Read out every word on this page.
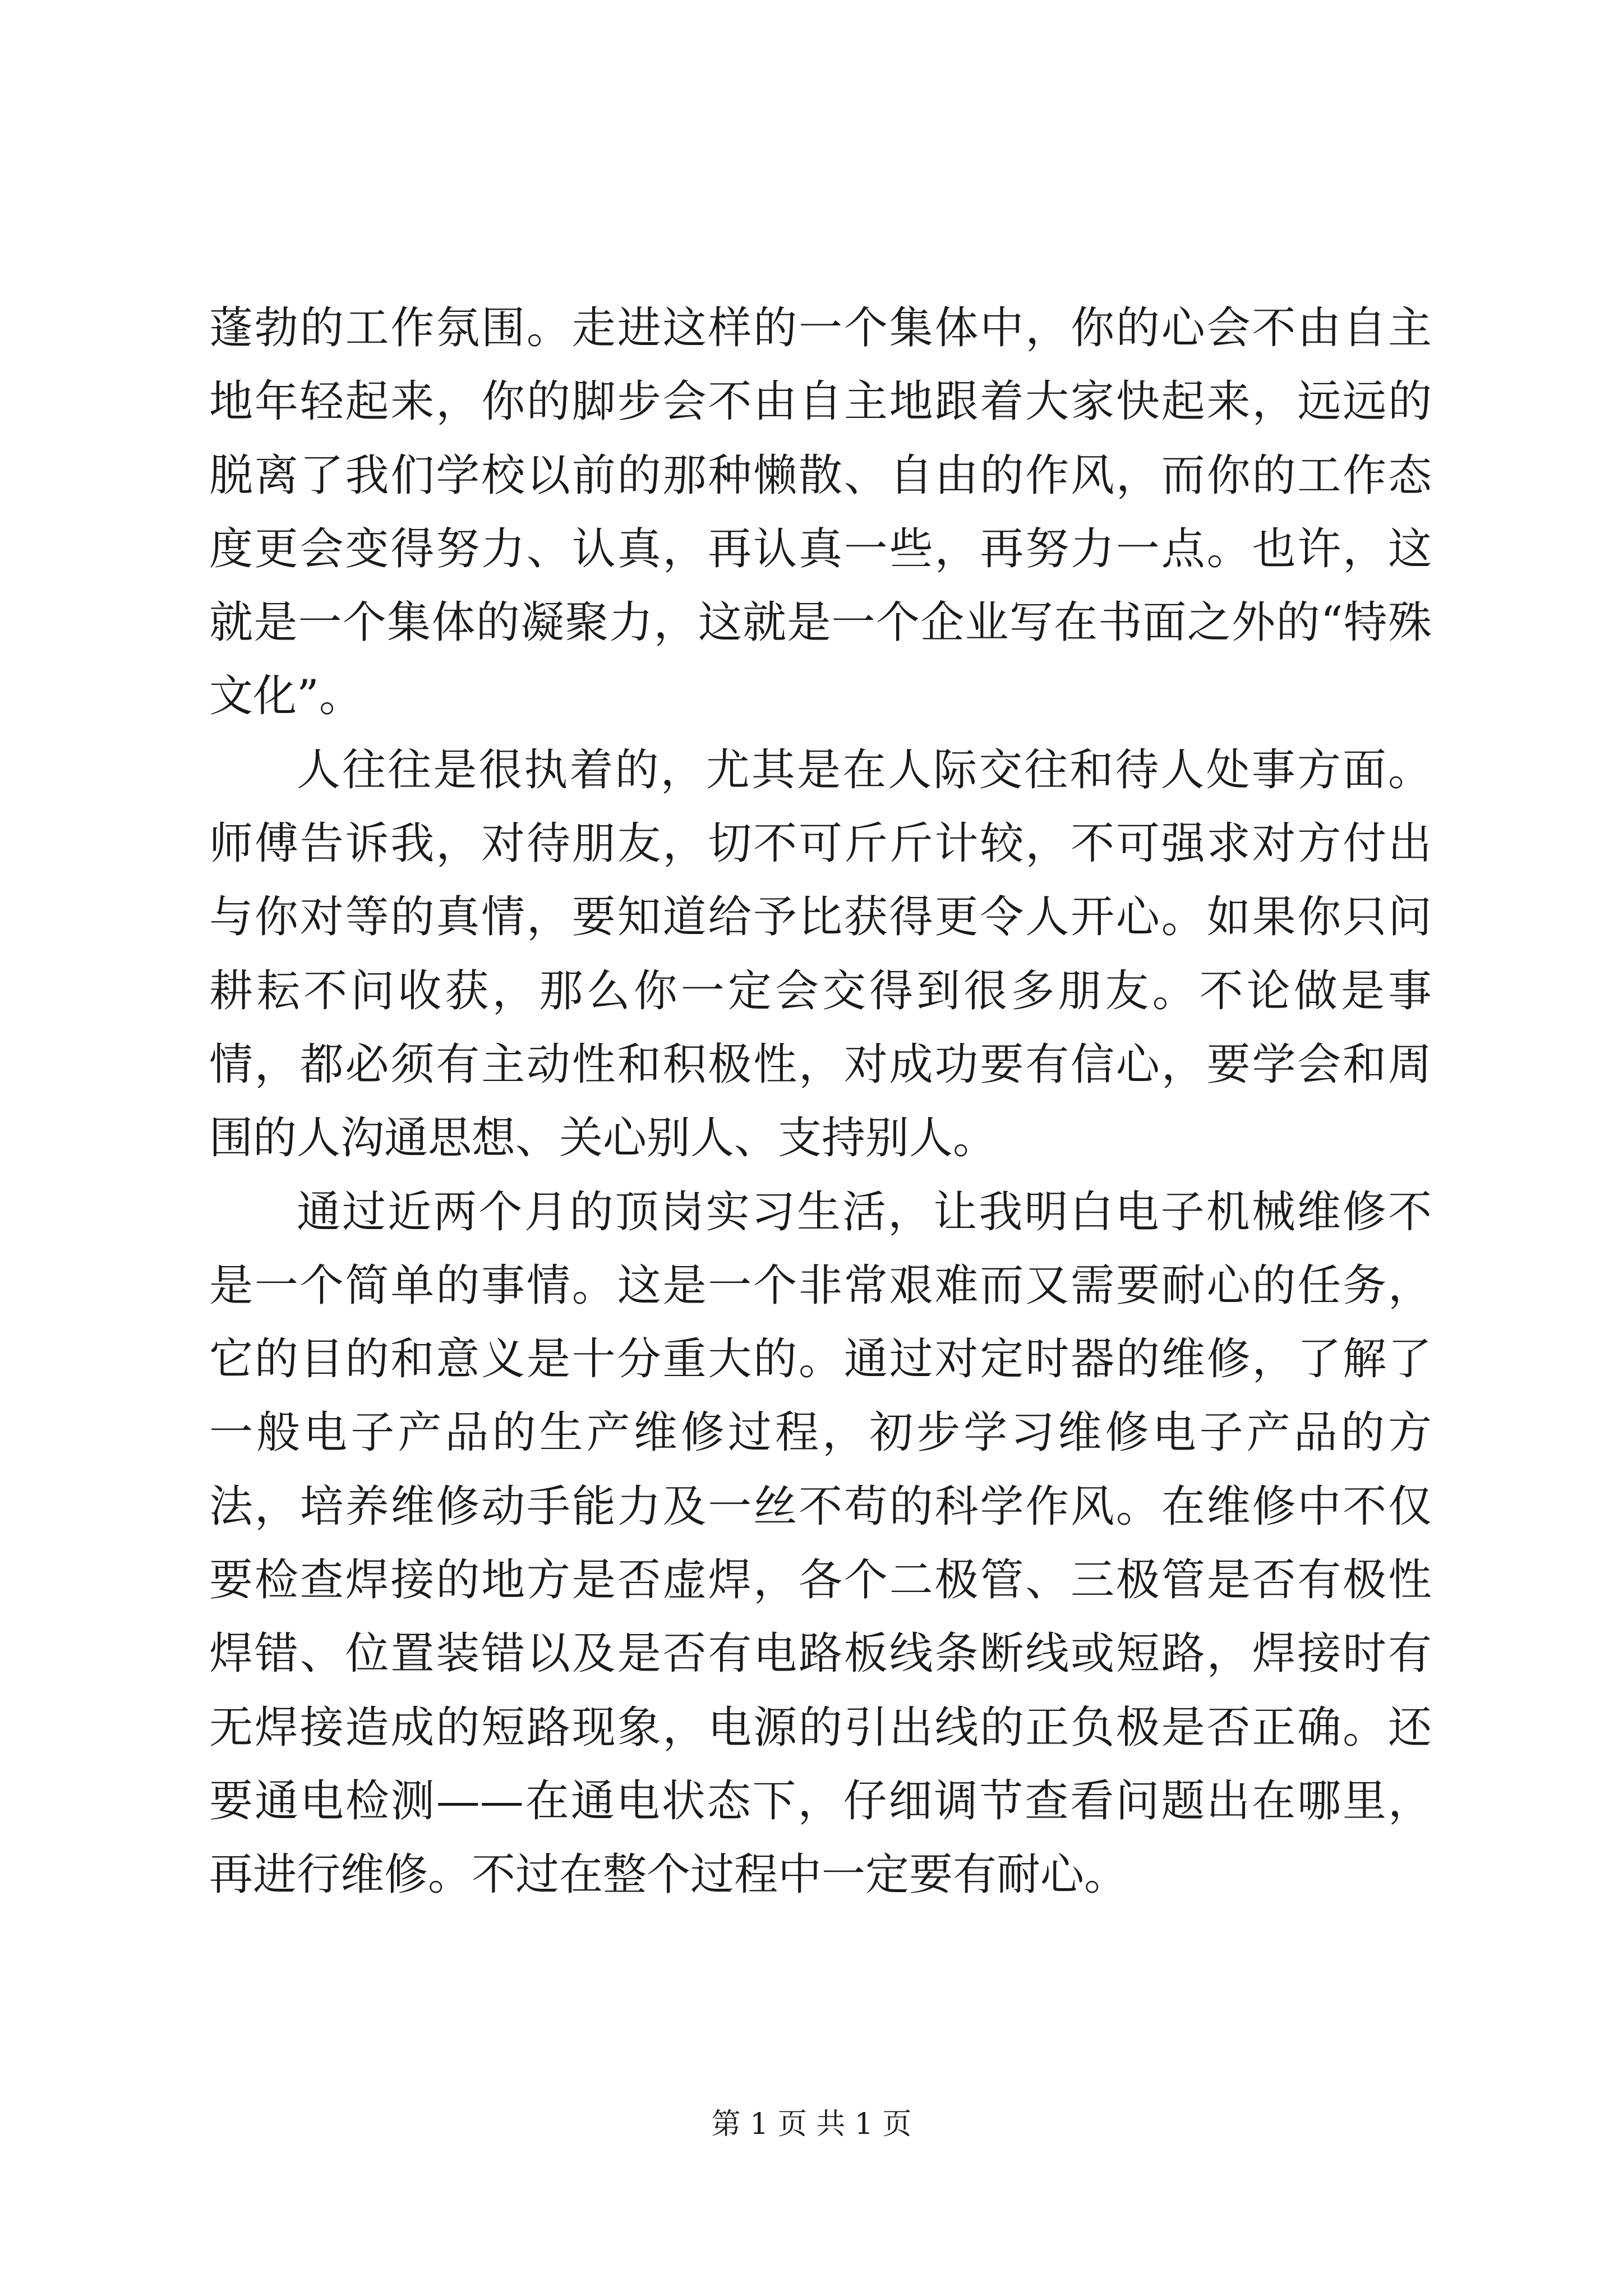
蓬勃的工作氛围。走进这样的一个集体中，你的心会不由自主地年轻起来，你的脚步会不由自主地跟着大家快起来，远远的脱离了我们学校以前的那种懒散、自由的作风，而你的工作态度更会变得努力、认真，再认真一些，再努力一点。也许，这就是一个集体的凝聚力，这就是一个企业写在书面之外的“特殊文化”。

人往往是很执着的，尤其是在人际交往和待人处事方面。师傅告诉我，对待朋友，切不可斤斤计较，不可强求对方付出与你对等的真情，要知道给予比获得更令人开心。如果你只问耕耘不问收获，那么你一定会交得到很多朋友。不论做是事情，都必须有主动性和积极性，对成功要有信心，要学会和周围的人沟通思想、关心别人、支持别人。

通过近两个月的顶岗实习生活，让我明白电子机械维修不是一个简单的事情。这是一个非常艰难而又需要耐心的任务，它的目的和意义是十分重大的。通过对定时器的维修，了解了一般电子产品的生产维修过程，初步学习维修电子产品的方法，培养维修动手能力及一丝不苟的科学作风。在维修中不仅要检查焊接的地方是否虚焊，各个二极管、三极管是否有极性焊错、位置装错以及是否有电路板线条断线或短路，焊接时有无焊接造成的短路现象，电源的引出线的正负极是否正确。还要通电检测——在通电状态下，仔细调节查看问题出在哪里，再进行维修。不过在整个过程中一定要有耐心。

第 1 页 共 1 页
